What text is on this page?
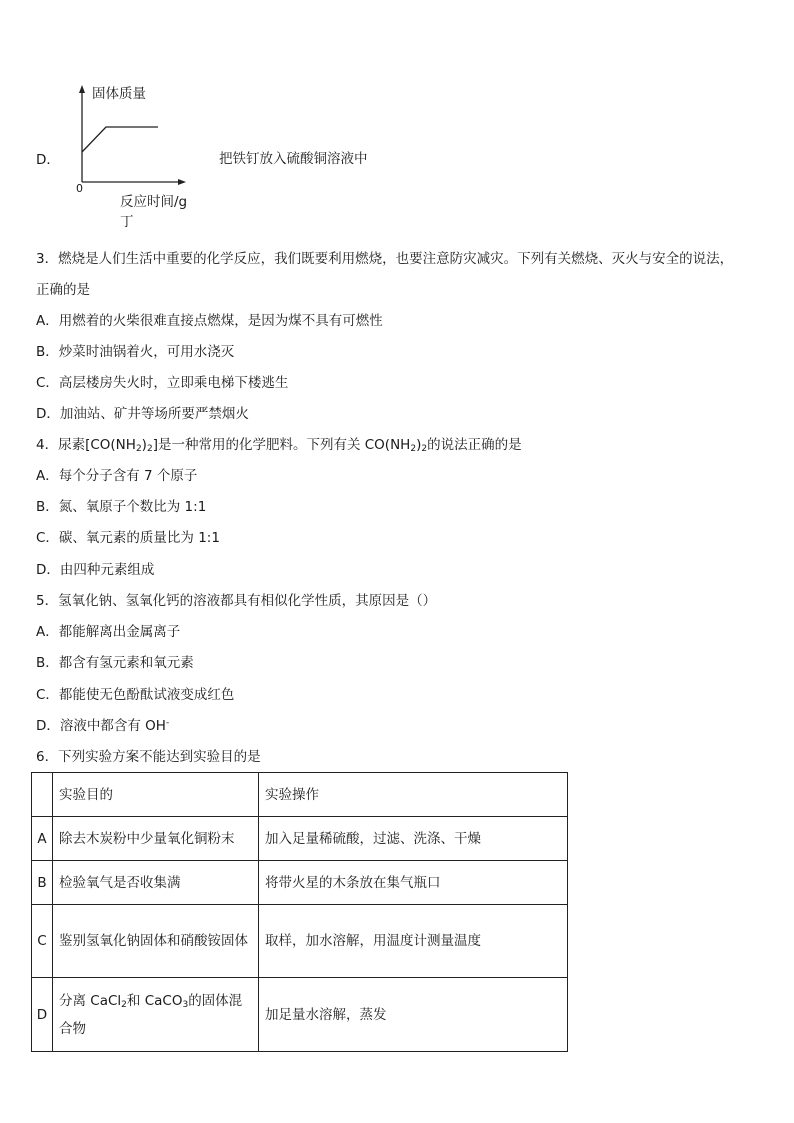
D．
固体质量
0
反应时间/g
丁
把铁钉放入硫酸铜溶液中
3．燃烧是人们生活中重要的化学反应，我们既要利用燃烧，也要注意防灾减灾。下列有关燃烧、灭火与安全的说法，
正确的是
A．用燃着的火柴很难直接点燃煤，是因为煤不具有可燃性
B．炒菜时油锅着火，可用水浇灭
C．高层楼房失火时，立即乘电梯下楼逃生
D．加油站、矿井等场所要严禁烟火
4．尿素$[CO(NH_2)_2]$是一种常用的化学肥料。下列有关 $CO(NH_2)_2$的说法正确的是
A．每个分子含有 7 个原子
B．氮、氧原子个数比为 1:1
C．碳、氧元素的质量比为 1:1
D．由四种元素组成
5．氢氧化钠、氢氧化钙的溶液都具有相似化学性质，其原因是（）
A．都能解离出金属离子
B．都含有氢元素和氧元素
C．都能使无色酚酞试液变成红色
D．溶液中都含有 OH-
6．下列实验方案不能达到实验目的是
	实验目的	实验操作
A	除去木炭粉中少量氧化铜粉末	加入足量稀硫酸，过滤、洗涤、干燥
B	检验氧气是否收集满	将带火星的木条放在集气瓶口
C	鉴别氢氧化钠固体和硝酸铵固体	取样，加水溶解，用温度计测量温度
D	分离 CaCl$_2$和 CaCO$_3$的固体混合物	加足量水溶解，蒸发
